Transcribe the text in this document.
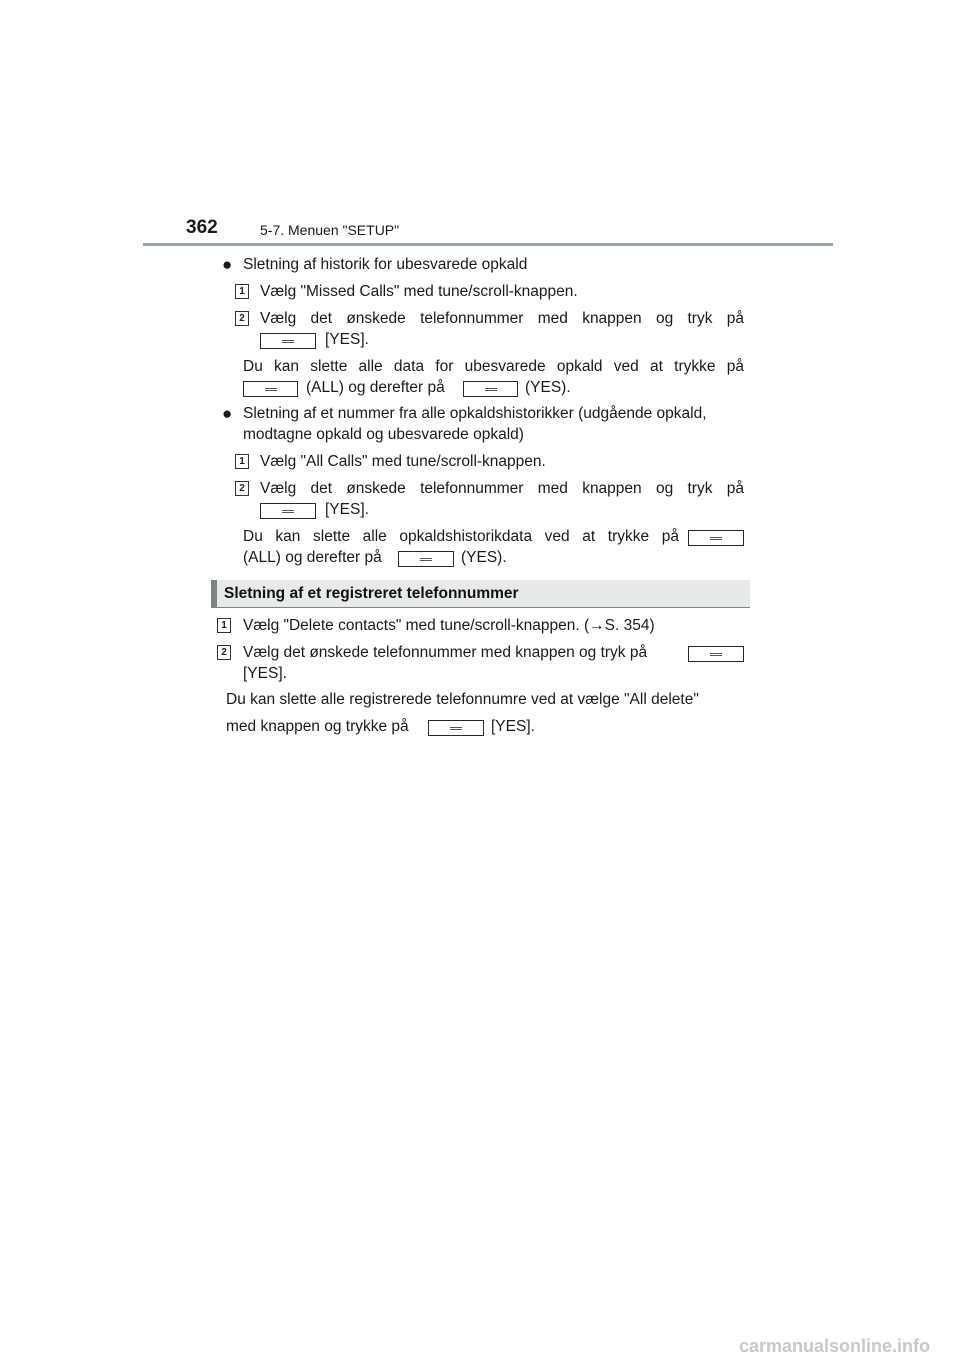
362	5-7. Menuen "SETUP"
● Sletning af historik for ubesvarede opkald
1 Vælg "Missed Calls" med tune/scroll-knappen.
2 Vælg det ønskede telefonnummer med knappen og tryk på
[YES].
Du kan slette alle data for ubesvarede opkald ved at trykke på
(ALL) og derefter på	(YES).
● Sletning af et nummer fra alle opkaldshistorikker (udgående opkald,
modtagne opkald og ubesvarede opkald)
1 Vælg "All Calls" med tune/scroll-knappen.
2 Vælg det ønskede telefonnummer med knappen og tryk på
[YES].
Du kan slette alle opkaldshistorikdata ved at trykke på
(ALL) og derefter på	(YES).
Sletning af et registreret telefonnummer
1 Vælg "Delete contacts" med tune/scroll-knappen. (→S. 354)
2 Vælg det ønskede telefonnummer med knappen og tryk på
[YES].
Du kan slette alle registrerede telefonnumre ved at vælge "All delete"
med knappen og trykke på	[YES].
carmanualsonline.info
